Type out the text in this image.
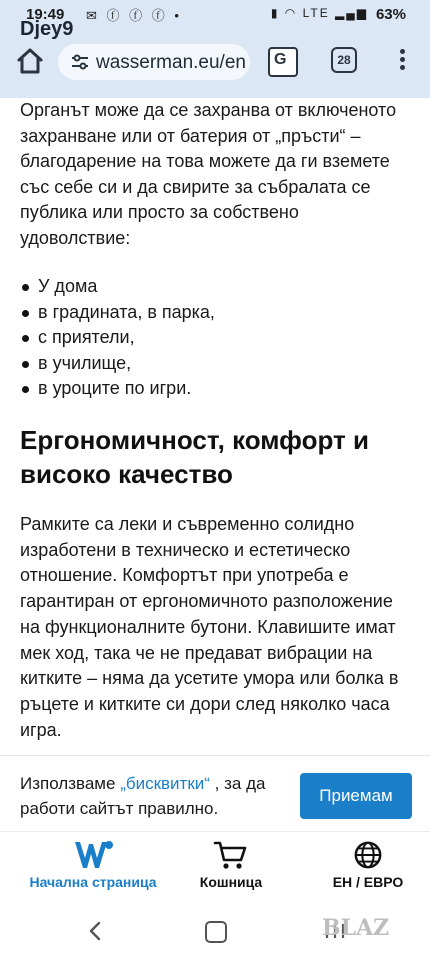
19:49 ✉ ⓕ ⓕ ⓕ •	▮ ◠ LTE ▂▄▆ 63%
Djey9
wasserman.eu/en G	28
Органът може да се захранва от включеното захранване или от батерия от „пръсти“ – благодарение на това можете да ги вземете със себе си и да свирите за събралата се публика или просто за собствено удоволствие:
У дома
в градината, в парка,
с приятели,
в училище,
в уроците по игри.
Ергономичност, комфорт и високо качество
Рамките са леки и съвременно солидно изработени в техническо и естетическо отношение. Комфортът при употреба е гарантиран от ергономичното разположение на функционалните бутони. Клавишите имат мек ход, така че не предават вибрации на китките – няма да усетите умора или болка в ръцете и китките си дори след няколко часа игра.
Използваме „бисквитки“ , за да работи сайтът правилно.
Приемам
Начална страница	Кошница	ЕН / ЕВРО
BLAZ
